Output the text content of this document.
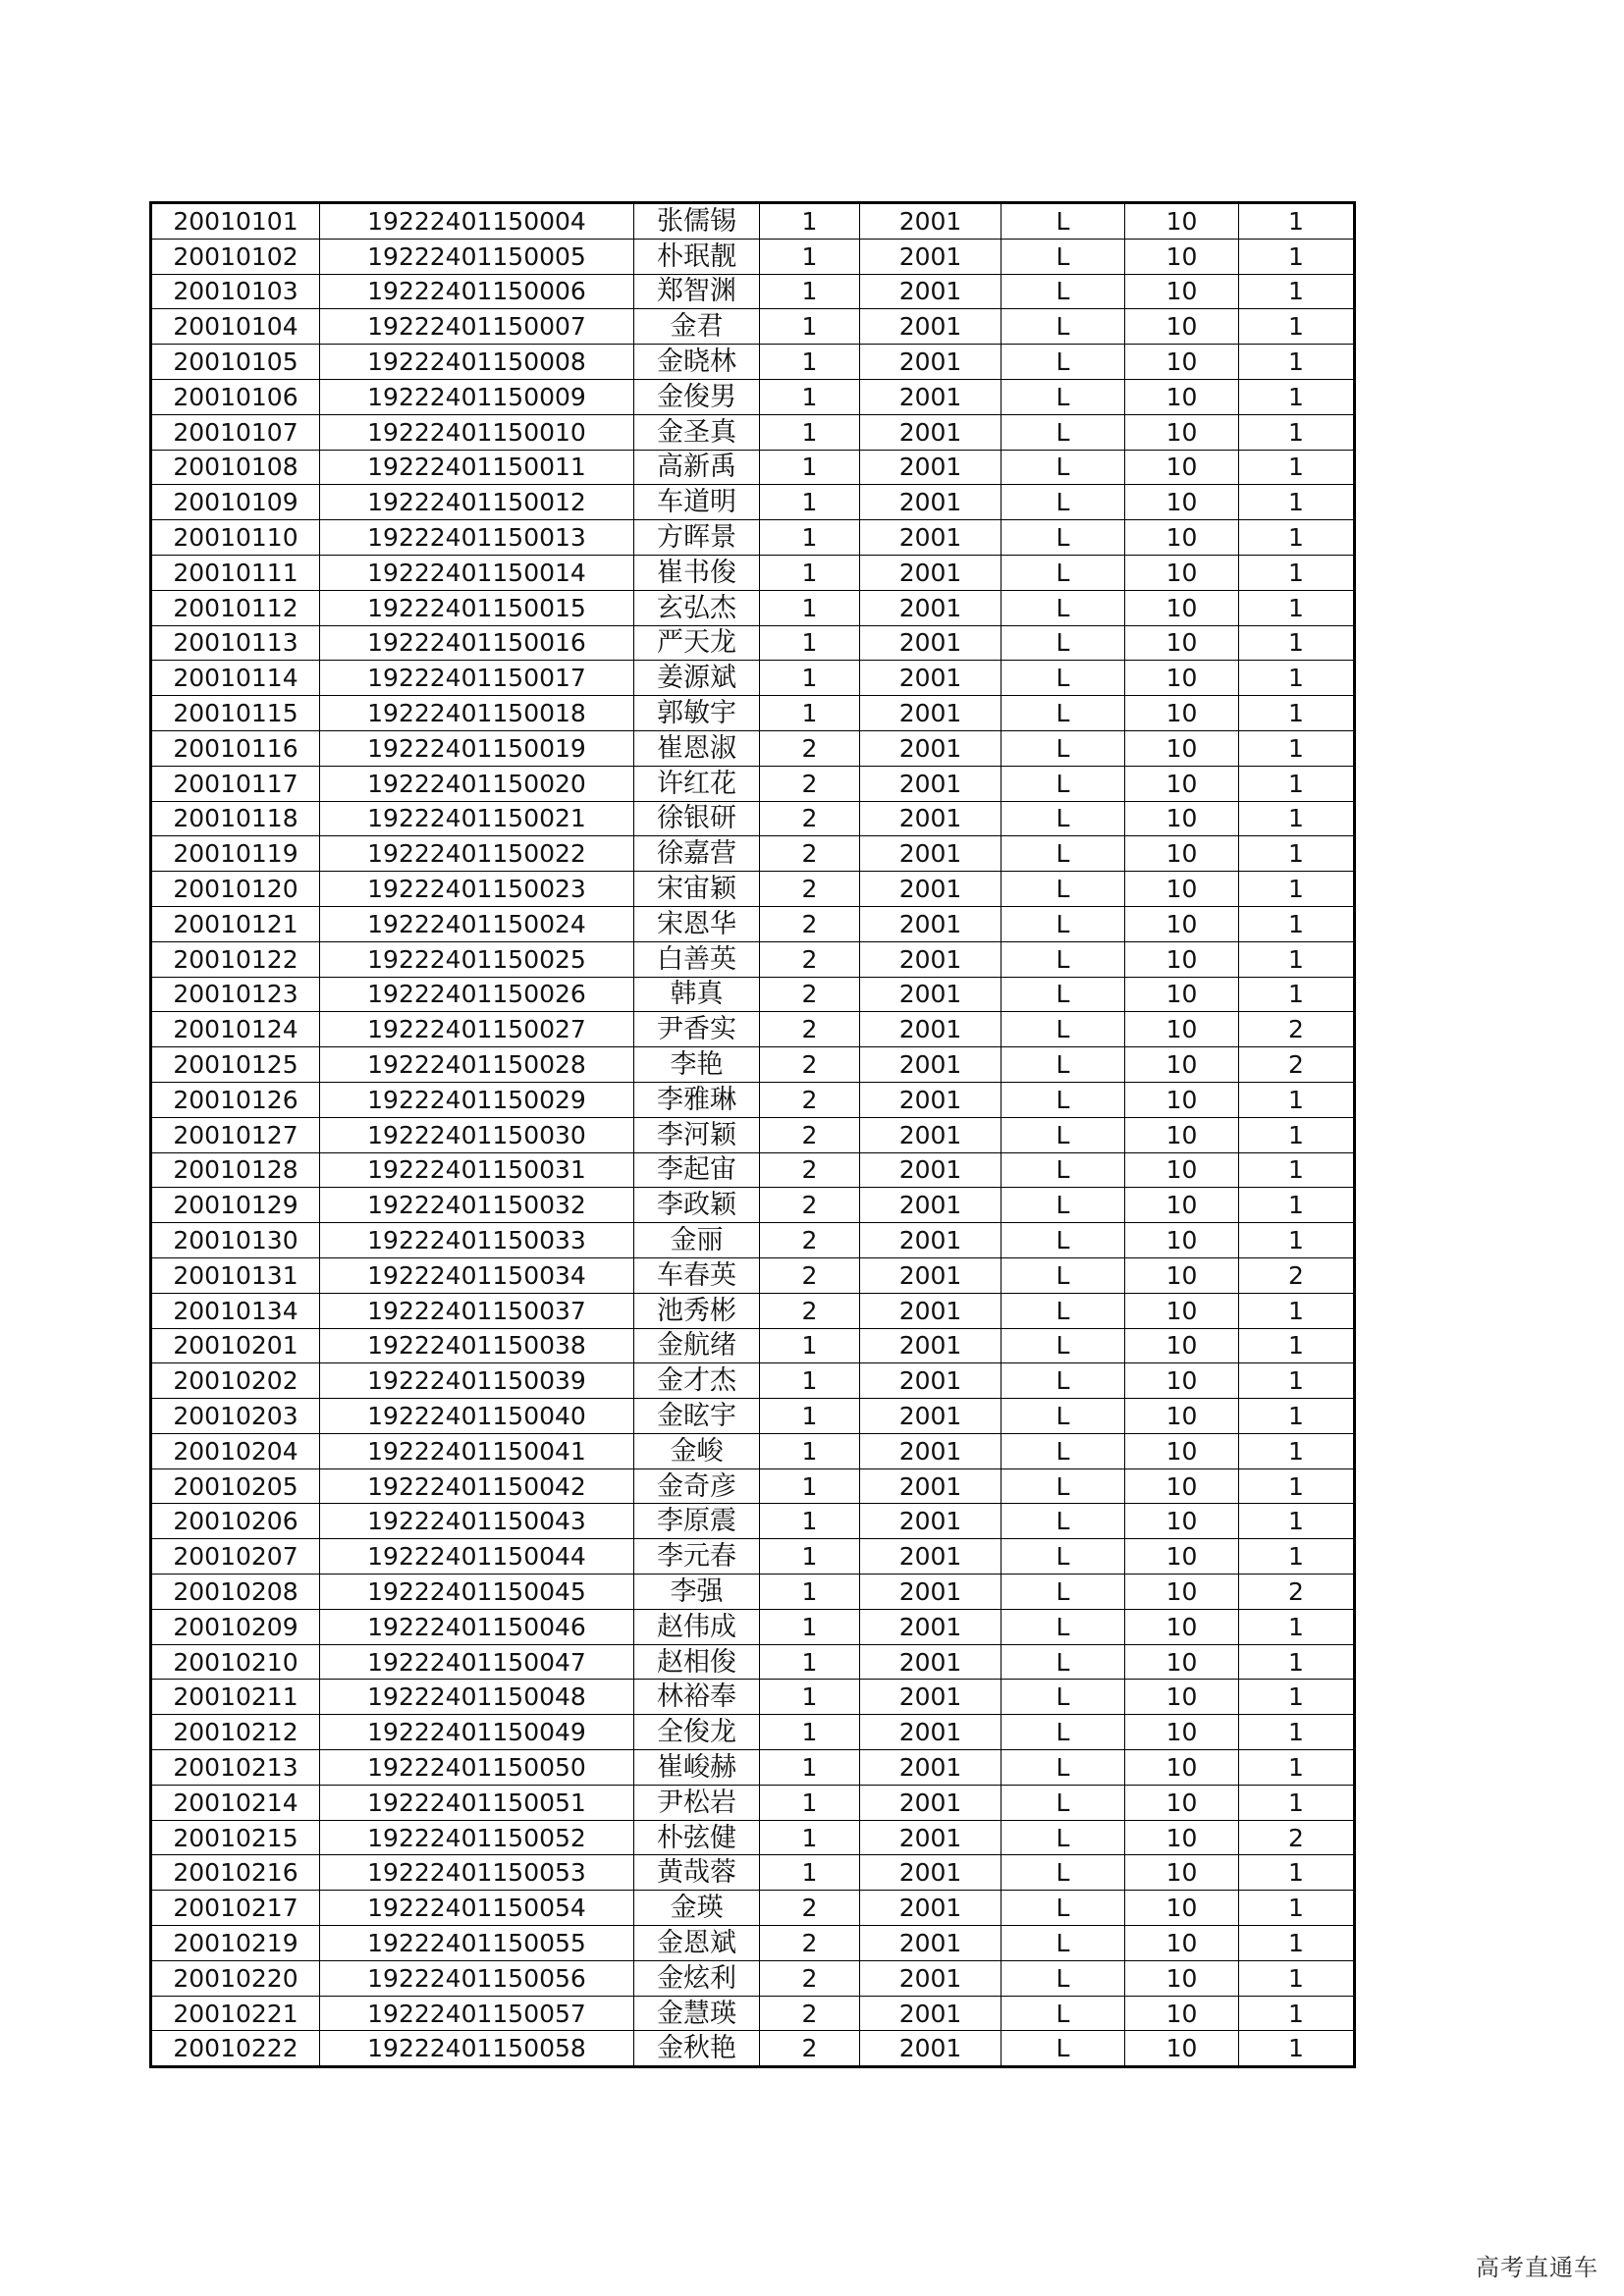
20010101	19222401150004	张儒锡	1	2001	L	10	1
20010102	19222401150005	朴珉靓	1	2001	L	10	1
20010103	19222401150006	郑智渊	1	2001	L	10	1
20010104	19222401150007	金君	1	2001	L	10	1
20010105	19222401150008	金晓林	1	2001	L	10	1
20010106	19222401150009	金俊男	1	2001	L	10	1
20010107	19222401150010	金圣真	1	2001	L	10	1
20010108	19222401150011	高新禹	1	2001	L	10	1
20010109	19222401150012	车道明	1	2001	L	10	1
20010110	19222401150013	方晖景	1	2001	L	10	1
20010111	19222401150014	崔书俊	1	2001	L	10	1
20010112	19222401150015	玄弘杰	1	2001	L	10	1
20010113	19222401150016	严天龙	1	2001	L	10	1
20010114	19222401150017	姜源斌	1	2001	L	10	1
20010115	19222401150018	郭敏宇	1	2001	L	10	1
20010116	19222401150019	崔恩淑	2	2001	L	10	1
20010117	19222401150020	许红花	2	2001	L	10	1
20010118	19222401150021	徐银研	2	2001	L	10	1
20010119	19222401150022	徐嘉营	2	2001	L	10	1
20010120	19222401150023	宋宙颖	2	2001	L	10	1
20010121	19222401150024	宋恩华	2	2001	L	10	1
20010122	19222401150025	白善英	2	2001	L	10	1
20010123	19222401150026	韩真	2	2001	L	10	1
20010124	19222401150027	尹香实	2	2001	L	10	2
20010125	19222401150028	李艳	2	2001	L	10	2
20010126	19222401150029	李雅琳	2	2001	L	10	1
20010127	19222401150030	李河颖	2	2001	L	10	1
20010128	19222401150031	李起宙	2	2001	L	10	1
20010129	19222401150032	李政颖	2	2001	L	10	1
20010130	19222401150033	金丽	2	2001	L	10	1
20010131	19222401150034	车春英	2	2001	L	10	2
20010134	19222401150037	池秀彬	2	2001	L	10	1
20010201	19222401150038	金航绪	1	2001	L	10	1
20010202	19222401150039	金才杰	1	2001	L	10	1
20010203	19222401150040	金昡宇	1	2001	L	10	1
20010204	19222401150041	金峻	1	2001	L	10	1
20010205	19222401150042	金奇彦	1	2001	L	10	1
20010206	19222401150043	李原震	1	2001	L	10	1
20010207	19222401150044	李元春	1	2001	L	10	1
20010208	19222401150045	李强	1	2001	L	10	2
20010209	19222401150046	赵伟成	1	2001	L	10	1
20010210	19222401150047	赵相俊	1	2001	L	10	1
20010211	19222401150048	林裕奉	1	2001	L	10	1
20010212	19222401150049	全俊龙	1	2001	L	10	1
20010213	19222401150050	崔峻赫	1	2001	L	10	1
20010214	19222401150051	尹松岩	1	2001	L	10	1
20010215	19222401150052	朴弦健	1	2001	L	10	2
20010216	19222401150053	黄哉蓉	1	2001	L	10	1
20010217	19222401150054	金瑛	2	2001	L	10	1
20010219	19222401150055	金恩斌	2	2001	L	10	1
20010220	19222401150056	金炫利	2	2001	L	10	1
20010221	19222401150057	金慧瑛	2	2001	L	10	1
20010222	19222401150058	金秋艳	2	2001	L	10	1
高考直通车
